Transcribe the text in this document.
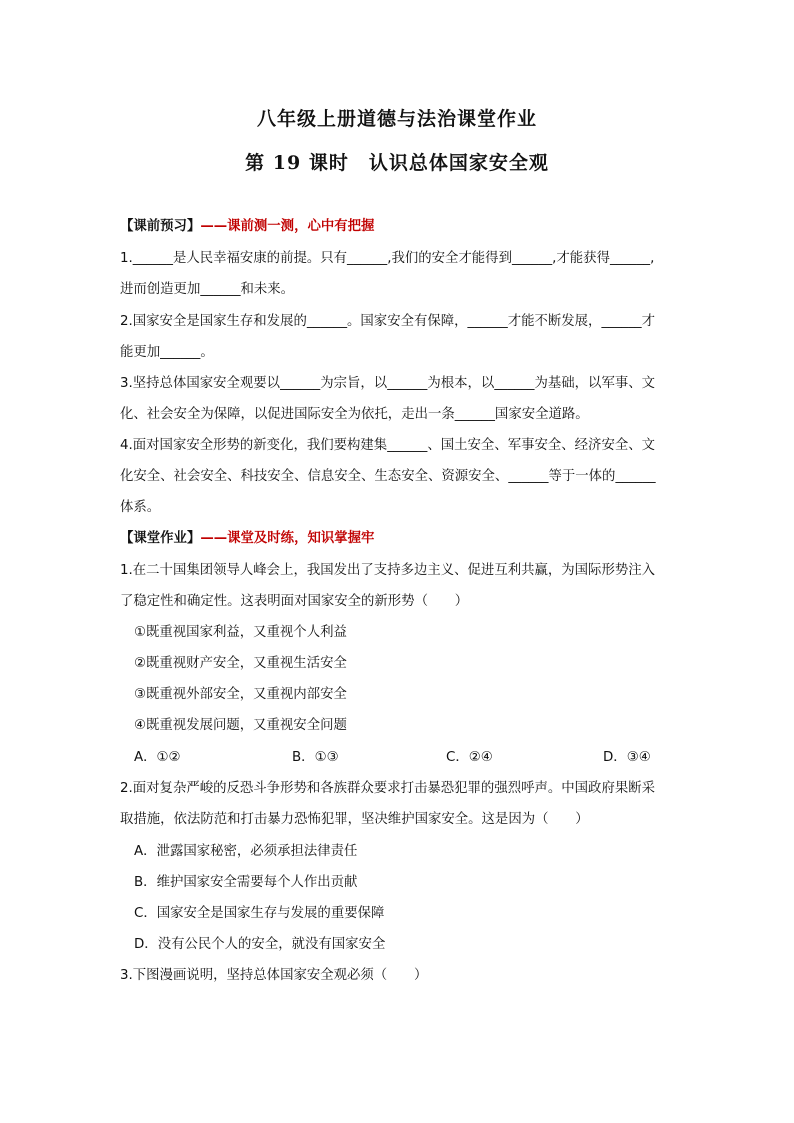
八年级上册道德与法治课堂作业
第 19 课时　认识总体国家安全观
【课前预习】——课前测一测，心中有把握
1.______是人民幸福安康的前提。只有______,我们的安全才能得到______,才能获得______,
进而创造更加______和未来。
2.国家安全是国家生存和发展的______。国家安全有保障，______才能不断发展，______才
能更加______。
3.坚持总体国家安全观要以______为宗旨，以______为根本，以______为基础，以军事、文
化、社会安全为保障，以促进国际安全为依托，走出一条______国家安全道路。
4.面对国家安全形势的新变化，我们要构建集______、国土安全、军事安全、经济安全、文
化安全、社会安全、科技安全、信息安全、生态安全、资源安全、______等于一体的______
体系。
【课堂作业】——课堂及时练，知识掌握牢
1.在二十国集团领导人峰会上，我国发出了支持多边主义、促进互利共赢，为国际形势注入
了稳定性和确定性。这表明面对国家安全的新形势（　　）
①既重视国家利益，又重视个人利益
②既重视财产安全，又重视生活安全
③既重视外部安全，又重视内部安全
④既重视发展问题，又重视安全问题
A．①②	B．①③	C．②④	D．③④
2.面对复杂严峻的反恐斗争形势和各族群众要求打击暴恐犯罪的强烈呼声。中国政府果断采
取措施，依法防范和打击暴力恐怖犯罪，坚决维护国家安全。这是因为（　　）
A．泄露国家秘密，必须承担法律责任
B．维护国家安全需要每个人作出贡献
C．国家安全是国家生存与发展的重要保障
D．没有公民个人的安全，就没有国家安全
3.下图漫画说明，坚持总体国家安全观必须（　　）
